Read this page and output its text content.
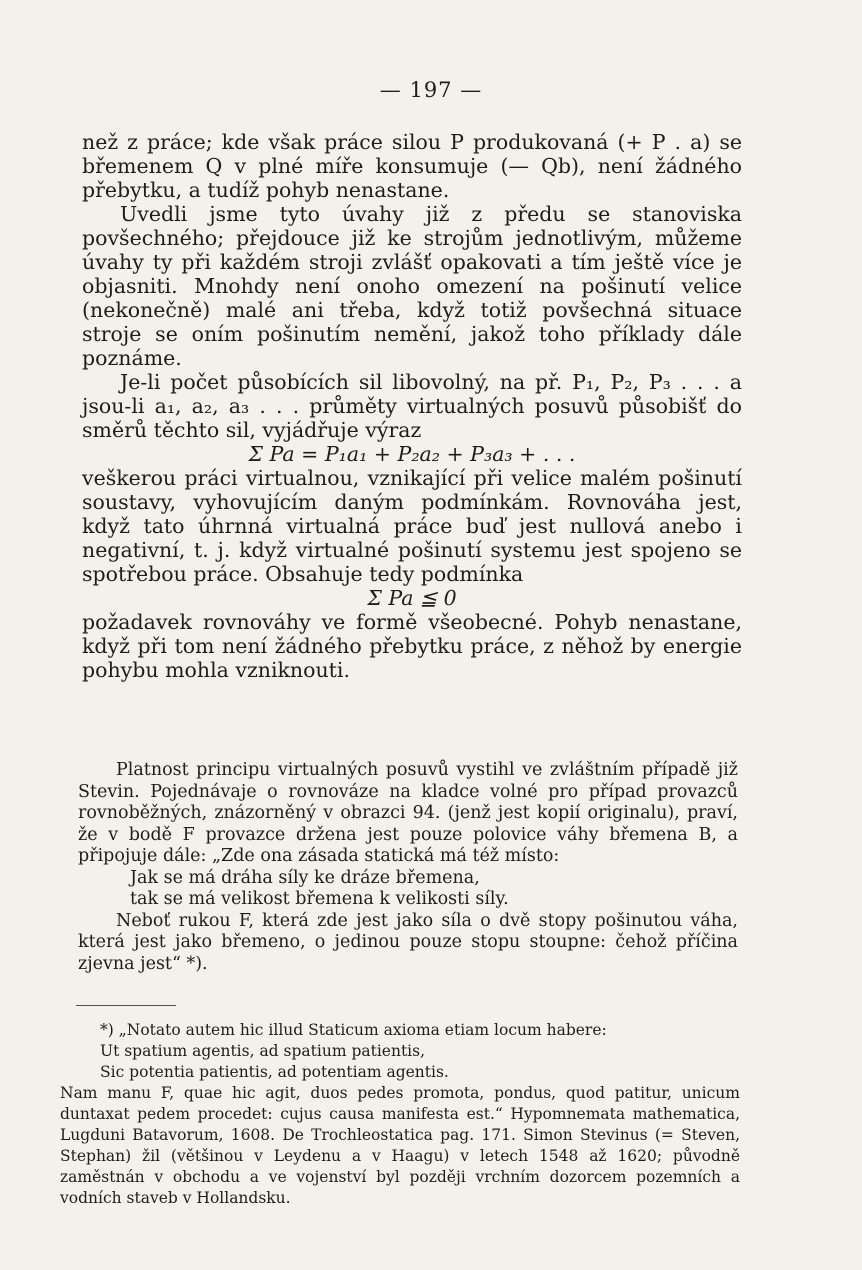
— 197 —

než z práce; kde však práce silou P produkovaná (+ P . a) se břemenem Q v plné míře konsumuje (— Qb), není žádného přebytku, a tudíž pohyb nenastane.

Uvedli jsme tyto úvahy již z předu se stanoviska povšechného; přejdouce již ke strojům jednotlivým, můžeme úvahy ty při každém stroji zvlášť opakovati a tím ještě více je objasniti. Mnohdy není onoho omezení na pošinutí velice (nekonečně) malé ani třeba, když totiž povšechná situace stroje se oním pošinutím nemění, jakož toho příklady dále poznáme.

Je-li počet působících sil libovolný, na př. P₁, P₂, P₃ . . . a jsou-li a₁, a₂, a₃ . . . průměty virtualných posuvů působišť do směrů těchto sil, vyjádřuje výraz

Σ Pa = P₁a₁ + P₂a₂ + P₃a₃ + . . .

veškerou práci virtualnou, vznikající při velice malém pošinutí soustavy, vyhovujícím daným podmínkám. Rovnováha jest, když tato úhrnná virtualná práce buď jest nullová anebo i negativní, t. j. když virtualné pošinutí systemu jest spojeno se spotřebou práce. Obsahuje tedy podmínka

Σ Pa ≦ 0

požadavek rovnováhy ve formě všeobecné. Pohyb nenastane, když při tom není žádného přebytku práce, z něhož by energie pohybu mohla vzniknouti.

Platnost principu virtualných posuvů vystihl ve zvláštním případě již Stevin. Pojednávaje o rovnováze na kladce volné pro případ provazců rovnoběžných, znázorněný v obrazci 94. (jenž jest kopií originalu), praví, že v bodě F provazce držena jest pouze polovice váhy břemena B, a připojuje dále: „Zde ona zásada statická má též místo:

Jak se má dráha síly ke dráze břemena,

tak se má velikost břemena k velikosti síly.

Neboť rukou F, která zde jest jako síla o dvě stopy pošinutou váha, která jest jako břemeno, o jedinou pouze stopu stoupne: čehož příčina zjevna jest“ *).

*) „Notato autem hic illud Staticum axioma etiam locum habere:

Ut spatium agentis, ad spatium patientis,

Sic potentia patientis, ad potentiam agentis.

Nam manu F, quae hic agit, duos pedes promota, pondus, quod patitur, unicum duntaxat pedem procedet: cujus causa manifesta est.“ Hypomnemata mathematica, Lugduni Batavorum, 1608. De Trochleostatica pag. 171. Simon Stevinus (= Steven, Stephan) žil (většinou v Leydenu a v Haagu) v letech 1548 až 1620; původně zaměstnán v obchodu a ve vojenství byl později vrchním dozorcem pozemních a vodních staveb v Hollandsku.
